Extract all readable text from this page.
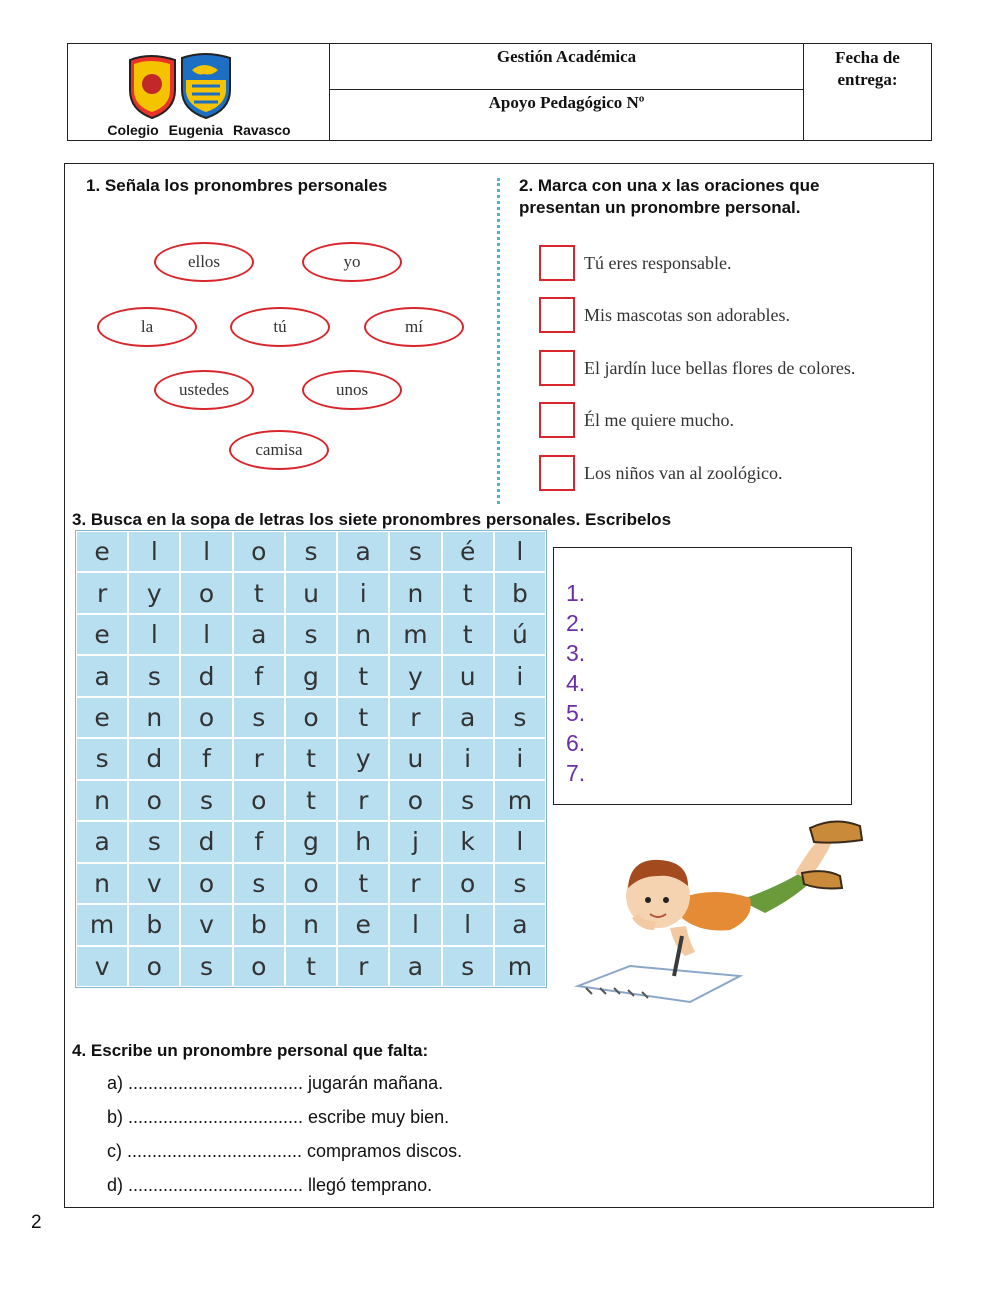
Colegio Eugenia Ravasco
Gestión Académica
Apoyo Pedagógico Nº
Fecha de
entrega:
1. Señala los pronombres personales
ellos	yo
la	tú	mí
ustedes	unos
camisa
2. Marca con una x las oraciones que
presentan un pronombre personal.
Tú eres responsable.
Mis mascotas son adorables.
El jardín luce bellas flores de colores.
Él me quiere mucho.
Los niños van al zoológico.
3. Busca en la sopa de letras los siete pronombres personales. Escribelos
e	l	l	o	s	a	s	é	l
r	y	o	t	u	i	n	t	b
e	l	l	a	s	n	m	t	ú
a	s	d	f	g	t	y	u	i
e	n	o	s	o	t	r	a	s
s	d	f	r	t	y	u	i	i
n	o	s	o	t	r	o	s	m
a	s	d	f	g	h	j	k	l
n	v	o	s	o	t	r	o	s
m	b	v	b	n	e	l	l	a
v	o	s	o	t	r	a	s	m
1.
2.
3.
4.
5.
6.
7.
4. Escribe un pronombre personal que falta:
a) ................................... jugarán mañana.
b) ................................... escribe muy bien.
c) ................................... compramos discos.
d) ................................... llegó temprano.
2
